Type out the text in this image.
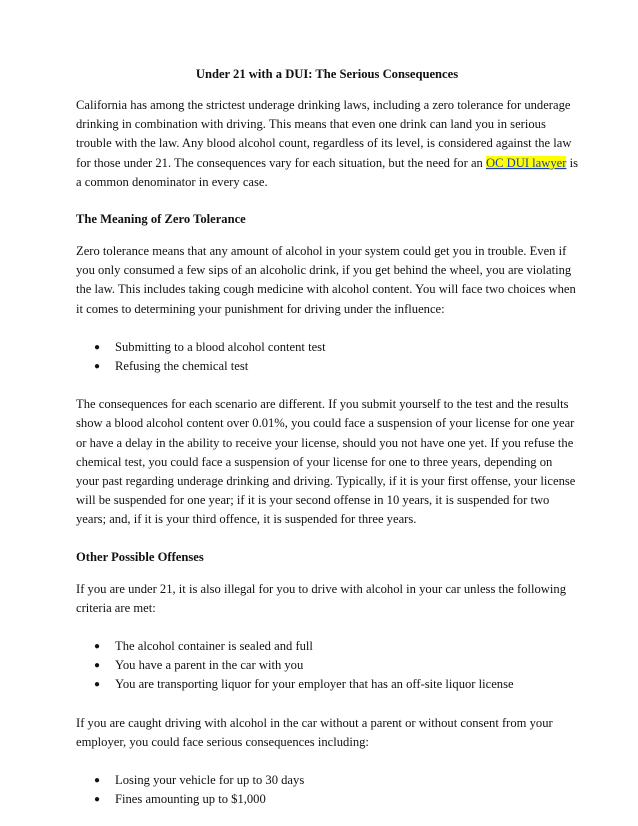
Under 21 with a DUI: The Serious Consequences

California has among the strictest underage drinking laws, including a zero tolerance for underage drinking in combination with driving. This means that even one drink can land you in serious trouble with the law. Any blood alcohol count, regardless of its level, is considered against the law for those under 21. The consequences vary for each situation, but the need for an OC DUI lawyer is a common denominator in every case.

The Meaning of Zero Tolerance

Zero tolerance means that any amount of alcohol in your system could get you in trouble. Even if you only consumed a few sips of an alcoholic drink, if you get behind the wheel, you are violating the law. This includes taking cough medicine with alcohol content. You will face two choices when it comes to determining your punishment for driving under the influence:

● Submitting to a blood alcohol content test
● Refusing the chemical test

The consequences for each scenario are different. If you submit yourself to the test and the results show a blood alcohol content over 0.01%, you could face a suspension of your license for one year or have a delay in the ability to receive your license, should you not have one yet. If you refuse the chemical test, you could face a suspension of your license for one to three years, depending on your past regarding underage drinking and driving. Typically, if it is your first offense, your license will be suspended for one year; if it is your second offense in 10 years, it is suspended for two years; and, if it is your third offence, it is suspended for three years.

Other Possible Offenses

If you are under 21, it is also illegal for you to drive with alcohol in your car unless the following criteria are met:

● The alcohol container is sealed and full
● You have a parent in the car with you
● You are transporting liquor for your employer that has an off-site liquor license

If you are caught driving with alcohol in the car without a parent or without consent from your employer, you could face serious consequences including:

● Losing your vehicle for up to 30 days
● Fines amounting up to $1,000
